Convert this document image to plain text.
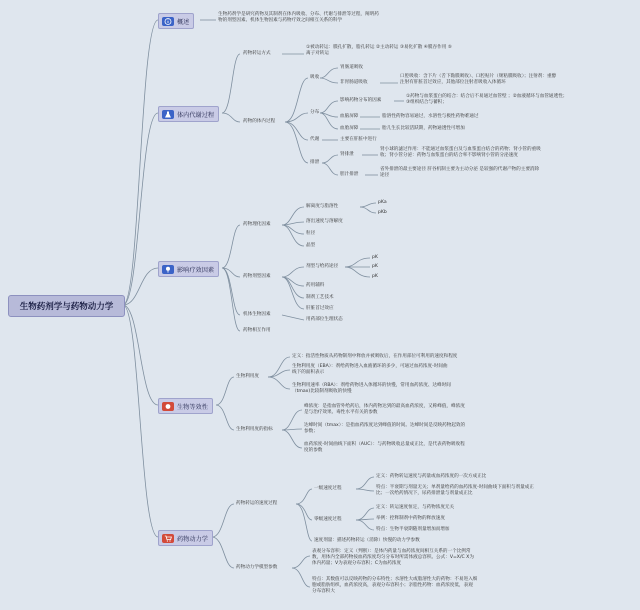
生物药剂学与药物动力学
概述
生物药剂学是研究药物及其制剂在体内吸收、分布、代谢与排泄等过程，阐明药
物的剂型因素、机体生物因素与药物疗效之间相互关系的科学
体内代谢过程
药物转运方式
①被动转运：膜孔扩散，脂孔转运 ②主动转运 ③易化扩散 ④膜吞作用 ⑤
离子对转运
药物的体内过程
吸收
胃肠道吸收
非胃肠道吸收
口腔吸收：含下片（舌下黏膜吸收）、口腔贴片（颊粘膜吸收）；注射剂：重醇
注射有肝脏首过效应，其他部位注射者吸收入体循环
分布
影响药物分布的因素
①药物与血浆蛋白的结合：结合后不易通过血管壁 ；②血液循环与血管通透性；
③组织结合与蓄积；
血脑屏障	脂溶性药物容易通过，水溶性与极性药物难通过
血胎屏障	胎儿生长比较活跃期，药物通透性可增加
代谢	主要在肝脏中进行
排泄
肾排泄
肾小球的滤过作用：不能通过血浆蛋白及与血浆蛋白结合的药物；肾小管的重吸
收；肾小管分泌：药物与血浆蛋白的结合率不影响肾小管的分泌速度
胆汁排泄
省外排泄的最主要途径 肝谷机制主要为主动分泌 是较强的代谢产物的主要消除
途径
影响疗效因素
药物理化因素
解离度与脂溶性
pKa
pKb
溶出速度与溶解度
粒径
晶型
药物剂型因素
剂型与给药途径
pK
pK
pK
药用辅料
制剂工艺技术
肝脏首过效应
机体生物因素
用药部位生理状态
药物相互作用
生物等效性
生物利用度
定义：指活性物质从药物制剂中释放并被吸收后，在作用部位可利用的速度和程度
生物利用度（EBA）：剂给药物进入血液循环的多少，可通过血药浓度-时间曲
线下的面积表示
生物利用速率（RBA）：剂给药物进入体循环的快慢，常用血药浓度、达峰时间
（tmax)比较制剂吸收的快慢
生物利用度的指标
峰浓度：是指血管外给药后，体内药物达到的最高血药浓度，又称峰值，峰浓度
是与治疗效果、毒性水平有关的参数
达峰时间（tmax）：是指血药浓度达到峰值的时间。达峰时间是反映药物起效的
参数；
血药浓度-时间曲线下面积（AUC）：与药物吸收总量成正比，是代表药物吸收程
度的参数
药物动力学
药物转运的速度过程
一级速度过程
定义：药物转运速度与药量或血药浓度的一次方成正比
特点：半衰期与剂量无关；单剂量给药的血药浓度-时间曲线下面积与剂量成正
比；一次给药情况下，尿药排泄量与剂量成正比
零级速度过程
定义：转运速度恒定，与药物浓度无关
举例：控释制剂中药物的释放速度
特点：生物半衰期随剂量增加而增加
速度剂量：描述药物转运（消除）快慢的动力学参数
药物动力学模型参数
表观分布容积：定义（判断）：是体内药量与血药浓度间相互关系的一个比例常
数，用体内全部药物按血药浓度均匀分布时所需体液总容积。公式：V=X/C X为
体内药量；V为表观分布容积；C为血药浓度
特点：其数值可以反映药物的分布特性；水溶性大或脂溶性大的药物：不易进入细
胞或脂肪组织，血药浓度高，表观分布容积小；亲脂性药物：血药浓度低，表观
分布容积大
